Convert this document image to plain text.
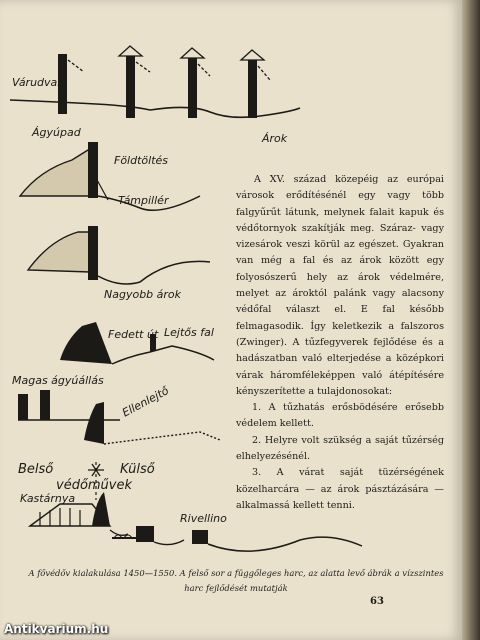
Várudvar
Ágyúpad	Árok
Földtöltés
Támpillér
Nagyobb árok
Fedett út Lejtős fal
Magas ágyúállás
Ellenlejtő
Belső	Külső
védőművek
Kastárnya
Rivellino

A XV. század közepéig az európai városok erődítésénél egy vagy több falgyűrűt látunk, melynek falait kapuk és védőtornyok szakítják meg. Száraz- vagy vizesárok veszi körül az egészet. Gyakran van még a fal és az árok között egy folyosószerű hely az árok védelmére, melyet az ároktól palánk vagy alacsony védőfal választ el. E fal később felmagasodik. Így keletkezik a falszoros (Zwinger). A tűzfegyverek fejlődése és a hadászatban való elterjedése a középkori várak háromféleképpen való átépítésére kényszerítette a tulajdonosokat:

1. A tűzhatás erősbödésére erősebb védelem kellett.

2. Helyre volt szükség a saját tűzérség elhelyezésénél.

3. A várat saját tüzérségének közelharcára — az árok pásztázására — alkalmassá kellett tenni.

A fővédőv kialakulása 1450—1550. A felső sor a függőleges harc, az alatta levő ábrák a vízszintes harc fejlődését mutatják
63
Antikvarium.hu
